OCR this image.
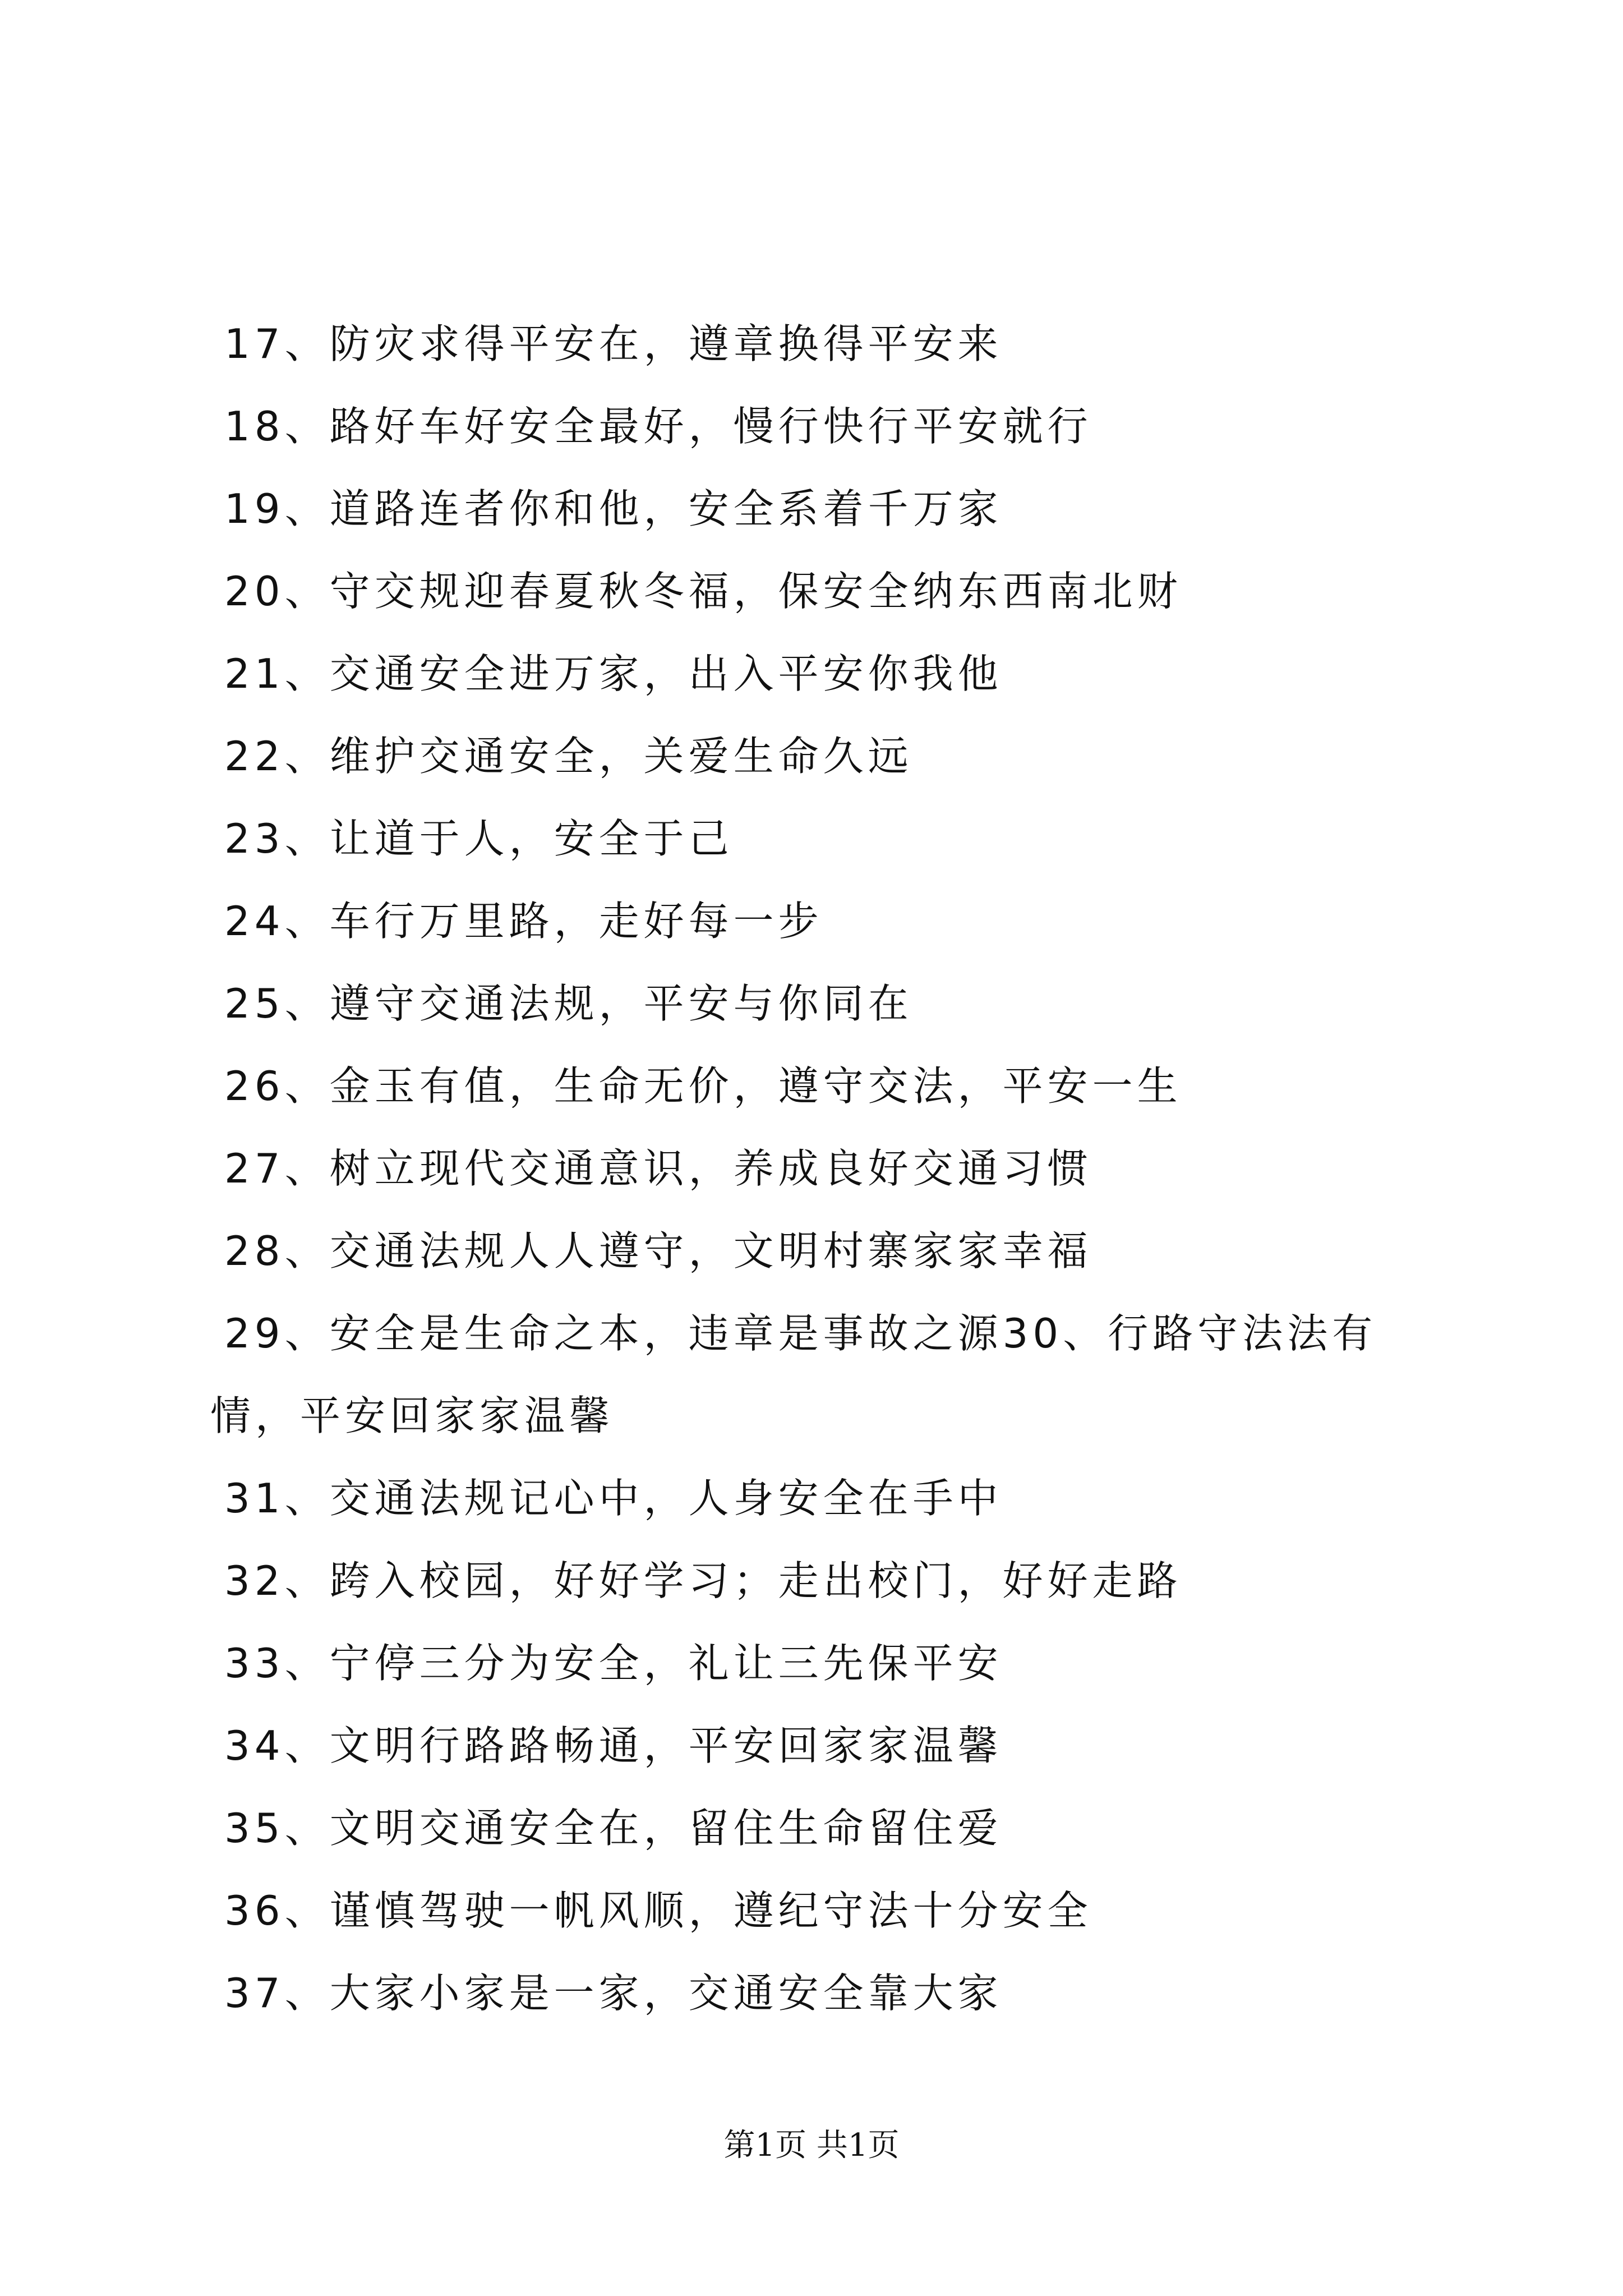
17、防灾求得平安在，遵章换得平安来
18、路好车好安全最好，慢行快行平安就行
19、道路连者你和他，安全系着千万家
20、守交规迎春夏秋冬福，保安全纳东西南北财
21、交通安全进万家，出入平安你我他
22、维护交通安全，关爱生命久远
23、让道于人，安全于己
24、车行万里路，走好每一步
25、遵守交通法规，平安与你同在
26、金玉有值，生命无价，遵守交法，平安一生
27、树立现代交通意识，养成良好交通习惯
28、交通法规人人遵守，文明村寨家家幸福
29、安全是生命之本，违章是事故之源30、行路守法法有
情，平安回家家温馨
31、交通法规记心中，人身安全在手中
32、跨入校园，好好学习；走出校门，好好走路
33、宁停三分为安全，礼让三先保平安
34、文明行路路畅通，平安回家家温馨
35、文明交通安全在，留住生命留住爱
36、谨慎驾驶一帆风顺，遵纪守法十分安全
37、大家小家是一家，交通安全靠大家
第1页 共1页
